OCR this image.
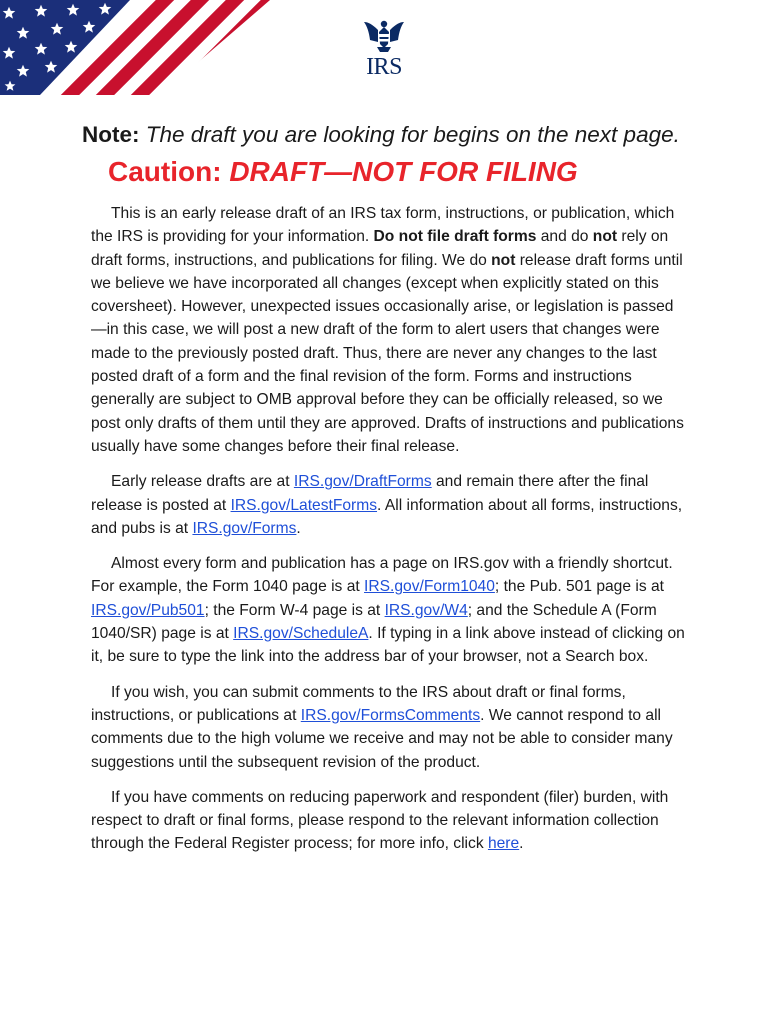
IRS
Note: The draft you are looking for begins on the next page.
Caution: DRAFT—NOT FOR FILING

This is an early release draft of an IRS tax form, instructions, or publication, which the IRS is providing for your information. Do not file draft forms and do not rely on draft forms, instructions, and publications for filing. We do not release draft forms until we believe we have incorporated all changes (except when explicitly stated on this coversheet). However, unexpected issues occasionally arise, or legislation is passed—in this case, we will post a new draft of the form to alert users that changes were made to the previously posted draft. Thus, there are never any changes to the last posted draft of a form and the final revision of the form. Forms and instructions generally are subject to OMB approval before they can be officially released, so we post only drafts of them until they are approved. Drafts of instructions and publications usually have some changes before their final release.

Early release drafts are at IRS.gov/DraftForms and remain there after the final release is posted at IRS.gov/LatestForms. All information about all forms, instructions, and pubs is at IRS.gov/Forms.

Almost every form and publication has a page on IRS.gov with a friendly shortcut. For example, the Form 1040 page is at IRS.gov/Form1040; the Pub. 501 page is at IRS.gov/Pub501; the Form W-4 page is at IRS.gov/W4; and the Schedule A (Form 1040/SR) page is at IRS.gov/ScheduleA. If typing in a link above instead of clicking on it, be sure to type the link into the address bar of your browser, not a Search box.

If you wish, you can submit comments to the IRS about draft or final forms, instructions, or publications at IRS.gov/FormsComments. We cannot respond to all comments due to the high volume we receive and may not be able to consider many suggestions until the subsequent revision of the product.

If you have comments on reducing paperwork and respondent (filer) burden, with respect to draft or final forms, please respond to the relevant information collection through the Federal Register process; for more info, click here.
